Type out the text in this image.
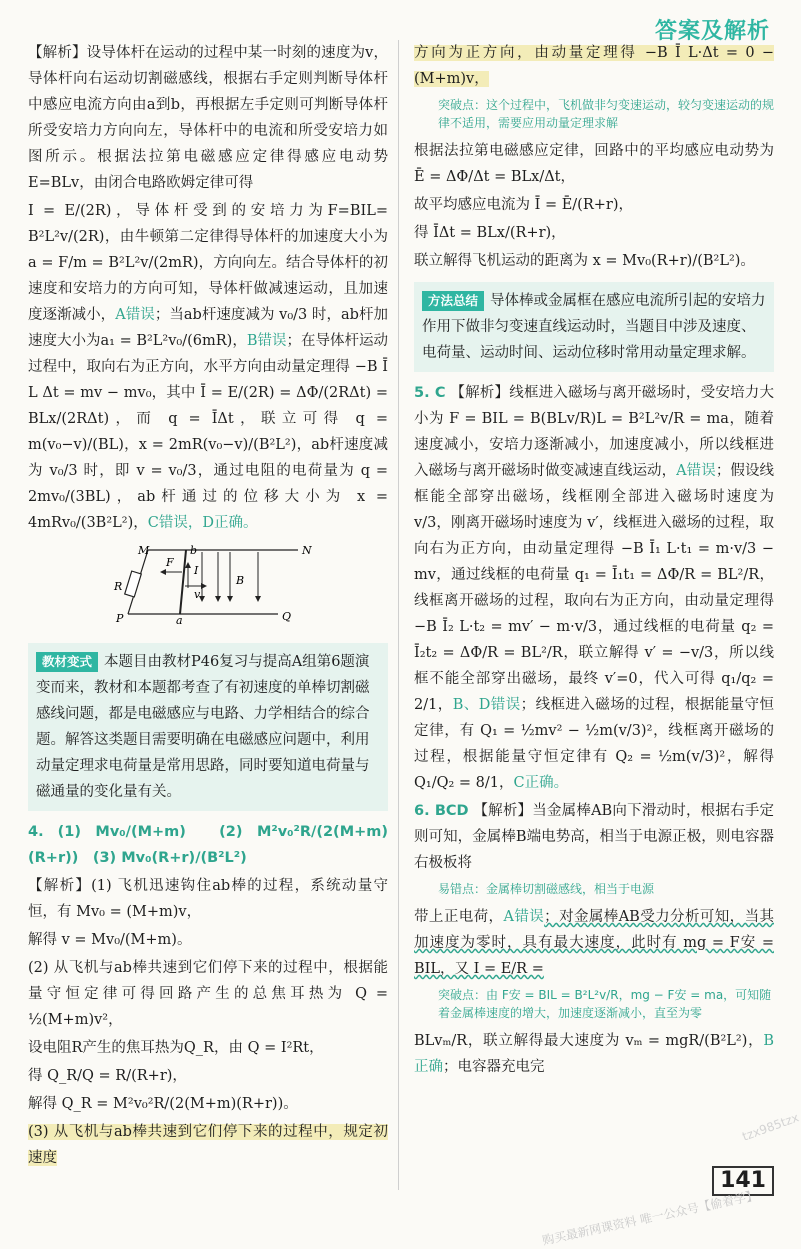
答案及解析

【解析】设导体杆在运动的过程中某一时刻的速度为v，导体杆向右运动切割磁感线，根据右手定则判断导体杆中感应电流方向由a到b，再根据左手定则可判断导体杆所受安培力方向向左，导体杆中的电流和所受安培力如图所示。根据法拉第电磁感应定律得感应电动势E=BLv，由闭合电路欧姆定律可得

I = E/(2R)，导体杆受到的安培力为F=BIL= B²L²v/(2R)，由牛顿第二定律得导体杆的加速度大小为a = F/m = B²L²v/(2mR)，方向向左。结合导体杆的初速度和安培力的方向可知，导体杆做减速运动，且加速度逐渐减小，A错误；当ab杆速度减为 v₀/3 时，ab杆加速度大小为a₁ = B²L²v₀/(6mR)，B错误；在导体杆运动过程中，取向右为正方向，水平方向由动量定理得 −B Ī L Δt = mv − mv₀，其中 Ī = E/(2R) = ΔΦ/(2RΔt) = BLx/(2RΔt)，而 q = ĪΔt，联立可得 q = m(v₀−v)/(BL)，x = 2mR(v₀−v)/(B²L²)，ab杆速度减为 v₀/3 时，即 v = v₀/3，通过电阻的电荷量为 q = 2mv₀/(3BL)，ab杆通过的位移大小为 x = 4mRv₀/(3B²L²)，C错误，D正确。

M	b	N
R
F
I
v
B
P	a	Q
教材变式 本题目由教材P46复习与提高A组第6题演变而来，教材和本题都考查了有初速度的单棒切割磁感线问题，都是电磁感应与电路、力学相结合的综合题。解答这类题目需要明确在电磁感应问题中，利用动量定理求电荷量是常用思路，同时要知道电荷量与磁通量的变化量有关。

4. (1) Mv₀/(M+m)　(2) M²v₀²R/(2(M+m)(R+r))　(3) Mv₀(R+r)/(B²L²)

【解析】(1) 飞机迅速钩住ab棒的过程，系统动量守恒，有 Mv₀ = (M+m)v，

解得 v = Mv₀/(M+m)。

(2) 从飞机与ab棒共速到它们停下来的过程中，根据能量守恒定律可得回路产生的总焦耳热为 Q = ½(M+m)v²，

设电阻R产生的焦耳热为Q_R，由 Q = I²Rt，

得 Q_R/Q = R/(R+r)，

解得 Q_R = M²v₀²R/(2(M+m)(R+r))。

(3) 从飞机与ab棒共速到它们停下来的过程中，规定初速度

方向为正方向，由动量定理得 −B Ī L·Δt = 0 − (M+m)v，

突破点：这个过程中，飞机做非匀变速运动，较匀变速运动的规律不适用，需要应用动量定理求解

根据法拉第电磁感应定律，回路中的平均感应电动势为 Ē = ΔΦ/Δt = BLx/Δt，

故平均感应电流为 Ī = Ē/(R+r)，

得 ĪΔt = BLx/(R+r)，

联立解得飞机运动的距离为 x = Mv₀(R+r)/(B²L²)。

方法总结 导体棒或金属框在感应电流所引起的安培力作用下做非匀变速直线运动时，当题目中涉及速度、电荷量、运动时间、运动位移时常用动量定理求解。

5. C 【解析】线框进入磁场与离开磁场时，受安培力大小为 F = BIL = B(BLv/R)L = B²L²v/R = ma，随着速度减小，安培力逐渐减小，加速度减小，所以线框进入磁场与离开磁场时做变减速直线运动，A错误；假设线框能全部穿出磁场，线框刚全部进入磁场时速度为 v/3，刚离开磁场时速度为 v′，线框进入磁场的过程，取向右为正方向，由动量定理得 −B Ī₁ L·t₁ = m·v/3 − mv，通过线框的电荷量 q₁ = Ī₁t₁ = ΔΦ/R = BL²/R，线框离开磁场的过程，取向右为正方向，由动量定理得 −B Ī₂ L·t₂ = mv′ − m·v/3，通过线框的电荷量 q₂ = Ī₂t₂ = ΔΦ/R = BL²/R，联立解得 v′ = −v/3，所以线框不能全部穿出磁场，最终 v′=0，代入可得 q₁/q₂ = 2/1，B、D错误；线框进入磁场的过程，根据能量守恒定律，有 Q₁ = ½mv² − ½m(v/3)²，线框离开磁场的过程，根据能量守恒定律有 Q₂ = ½m(v/3)²，解得 Q₁/Q₂ = 8/1，C正确。

6. BCD 【解析】当金属棒AB向下滑动时，根据右手定则可知，金属棒B端电势高，相当于电源正极，则电容器右极板将

易错点：金属棒切割磁感线，相当于电源

带上正电荷，A错误；对金属棒AB受力分析可知，当其加速度为零时，具有最大速度，此时有 mg = F安 = BIL，又 I = E/R =

突破点：由 F安 = BIL = B²L²v/R，mg − F安 = ma，可知随着金属棒速度的增大，加速度逐渐减小，直至为零

BLvₘ/R，联立解得最大速度为 vₘ = mgR/(B²L²)，B正确；电容器充电完

141
购买最新网课资料 唯一公众号【偷着学】
tzx985tzx
